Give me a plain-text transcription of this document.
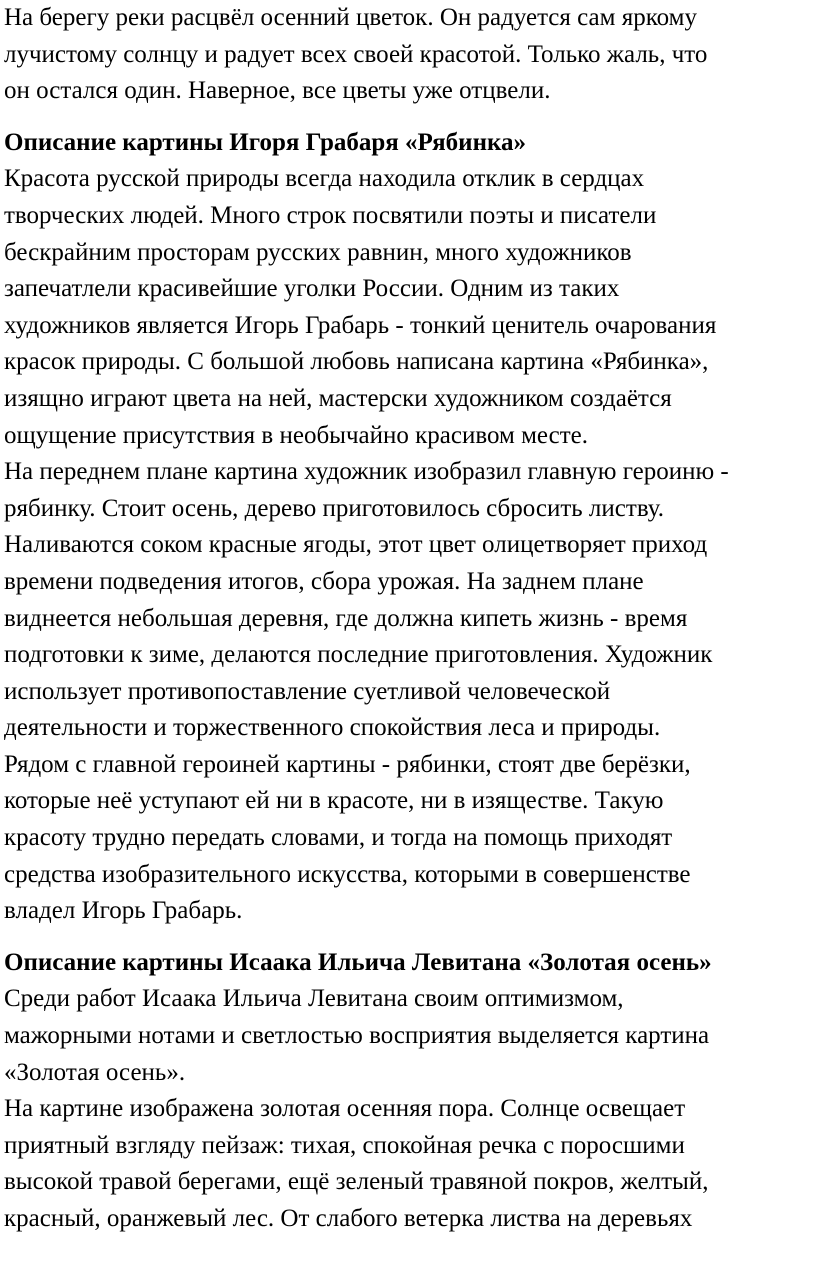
На берегу реки расцвёл осенний цветок. Он радуется сам яркому
лучистому солнцу и радует всех своей красотой. Только жаль, что
он остался один. Наверное, все цветы уже отцвели.
Описание картины Игоря Грабаря «Рябинка»
Красота русской природы всегда находила отклик в сердцах
творческих людей. Много строк посвятили поэты и писатели
бескрайним просторам русских равнин, много художников
запечатлели красивейшие уголки России. Одним из таких
художников является Игорь Грабарь - тонкий ценитель очарования
красок природы. С большой любовь написана картина «Рябинка»,
изящно играют цвета на ней, мастерски художником создаётся
ощущение присутствия в необычайно красивом месте.
На переднем плане картина художник изобразил главную героиню -
рябинку. Стоит осень, дерево приготовилось сбросить листву.
Наливаются соком красные ягоды, этот цвет олицетворяет приход
времени подведения итогов, сбора урожая. На заднем плане
виднеется небольшая деревня, где должна кипеть жизнь - время
подготовки к зиме, делаются последние приготовления. Художник
использует противопоставление суетливой человеческой
деятельности и торжественного спокойствия леса и природы.
Рядом с главной героиней картины - рябинки, стоят две берёзки,
которые неё уступают ей ни в красоте, ни в изяществе. Такую
красоту трудно передать словами, и тогда на помощь приходят
средства изобразительного искусства, которыми в совершенстве
владел Игорь Грабарь.
Описание картины Исаака Ильича Левитана «Золотая осень»
Среди работ Исаака Ильича Левитана своим оптимизмом,
мажорными нотами и светлостью восприятия выделяется картина
«Золотая осень».
На картине изображена золотая осенняя пора. Солнце освещает
приятный взгляду пейзаж: тихая, спокойная речка с поросшими
высокой травой берегами, ещё зеленый травяной покров, желтый,
красный, оранжевый лес. От слабого ветерка листва на деревьях
